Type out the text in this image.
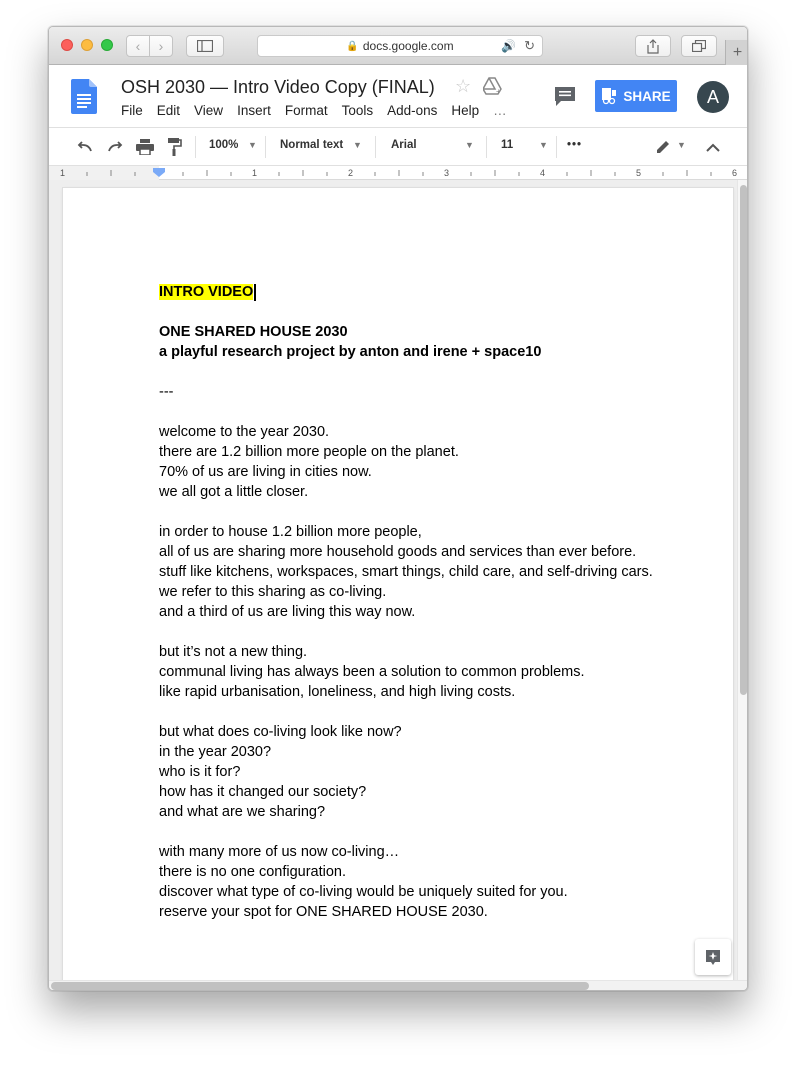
‹ ›	🔒 docs.google.com	🔊 ↻	+
OSH 2030 — Intro Video Copy (FINAL) ☆	+
File Edit View Insert Format Tools Add-ons Help …
SHARE	A
100% ▼ Normal text ▼	Arial	▼ 11	▼ •••	▼
1	1	2	3	4	5	6
INTRO VIDEO
ONE SHARED HOUSE 2030
a playful research project by anton and irene + space10
---
welcome to the year 2030.
there are 1.2 billion more people on the planet.
70% of us are living in cities now.
we all got a little closer.
in order to house 1.2 billion more people,
all of us are sharing more household goods and services than ever before.
stuff like kitchens, workspaces, smart things, child care, and self-driving cars.
we refer to this sharing as co-living.
and a third of us are living this way now.
but it’s not a new thing.
communal living has always been a solution to common problems.
like rapid urbanisation, loneliness, and high living costs.
but what does co-living look like now?
in the year 2030?
who is it for?
how has it changed our society?
and what are we sharing?
with many more of us now co-living…
there is no one configuration.
discover what type of co-living would be uniquely suited for you.
reserve your spot for ONE SHARED HOUSE 2030.
